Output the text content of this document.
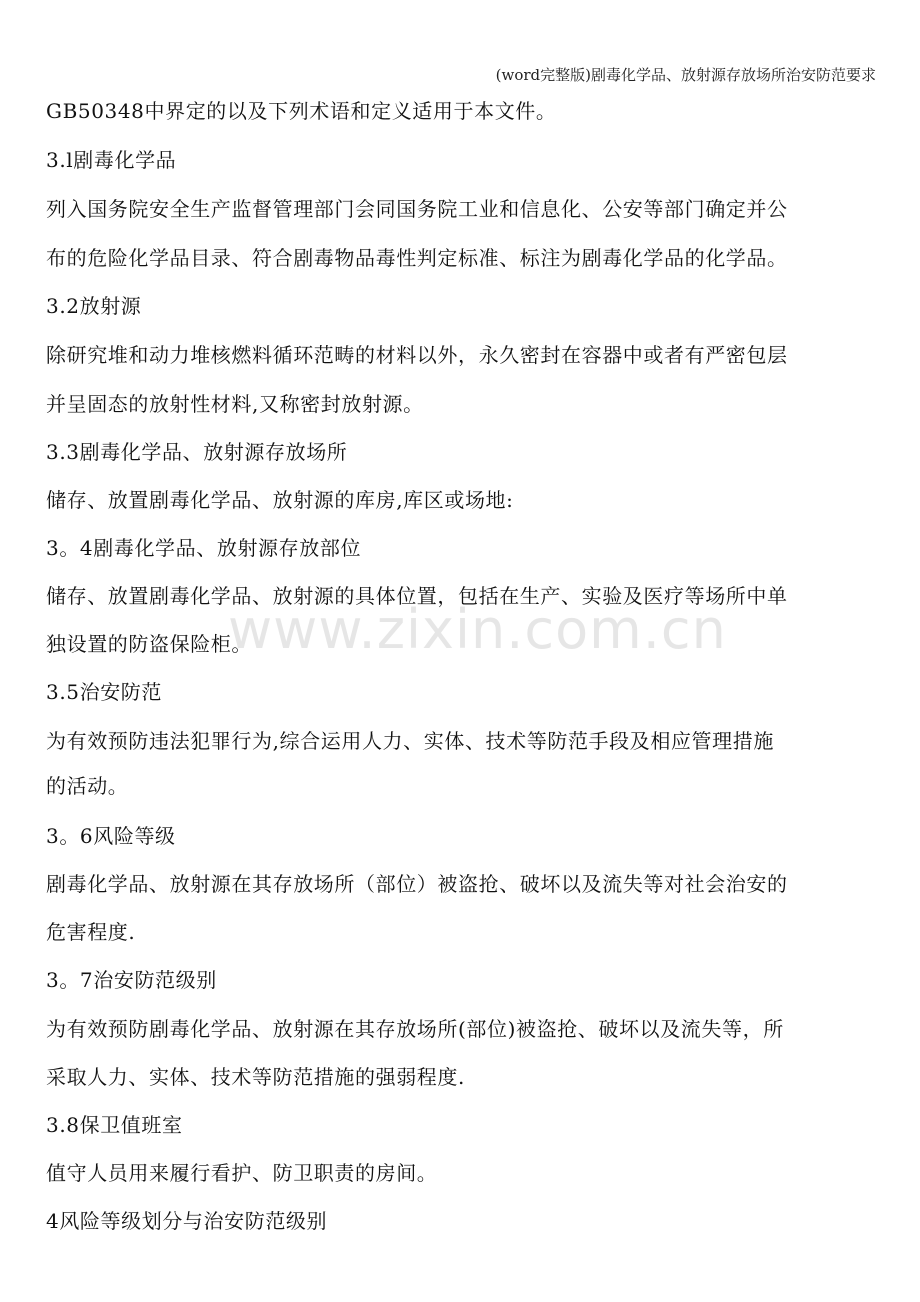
(word完整版)剧毒化学品、放射源存放场所治安防范要求
GB50348中界定的以及下列术语和定义适用于本文件。
3.l剧毒化学品
列入国务院安全生产监督管理部门会同国务院工业和信息化、公安等部门确定并公
布的危险化学品目录、符合剧毒物品毒性判定标准、标注为剧毒化学品的化学品。
3.2放射源
除研究堆和动力堆核燃料循环范畴的材料以外，永久密封在容器中或者有严密包层
并呈固态的放射性材料,又称密封放射源。
3.3剧毒化学品、放射源存放场所
储存、放置剧毒化学品、放射源的库房,库区或场地:
3。4剧毒化学品、放射源存放部位
储存、放置剧毒化学品、放射源的具体位置，包括在生产、实验及医疗等场所中单
独设置的防盗保险柜。
3.5治安防范
为有效预防违法犯罪行为,综合运用人力、实体、技术等防范手段及相应管理措施
的活动。
3。6风险等级
剧毒化学品、放射源在其存放场所（部位）被盗抢、破坏以及流失等对社会治安的
危害程度.
3。7治安防范级别
为有效预防剧毒化学品、放射源在其存放场所(部位)被盗抢、破坏以及流失等，所
采取人力、实体、技术等防范措施的强弱程度.
3.8保卫值班室
值守人员用来履行看护、防卫职责的房间。
4风险等级划分与治安防范级别
www.zixin.com.cn
